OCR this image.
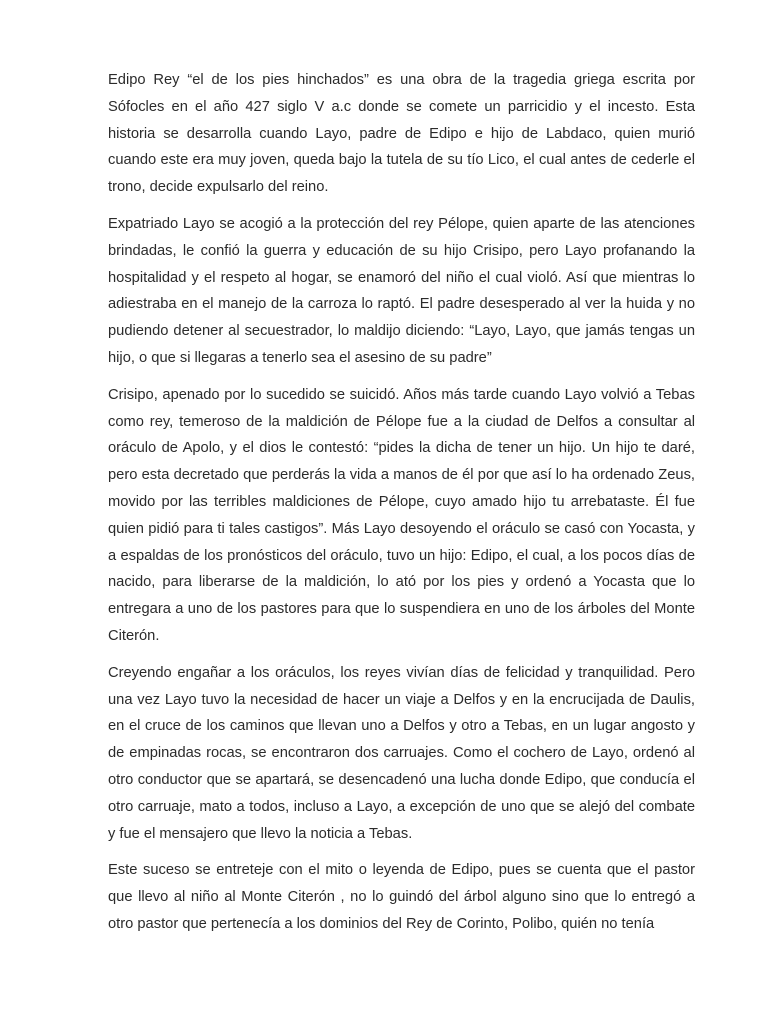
Edipo Rey “el de los pies hinchados” es una obra de la tragedia griega escrita por Sófocles en el año 427 siglo V a.c donde se comete un parricidio y el incesto. Esta historia se desarrolla cuando Layo, padre de Edipo e hijo de Labdaco, quien murió cuando este era muy joven, queda bajo la tutela de su tío Lico, el cual antes de cederle el trono, decide expulsarlo del reino.

Expatriado Layo se acogió a la protección del rey Pélope, quien aparte de las atenciones brindadas, le confió la guerra y educación de su hijo Crisipo, pero Layo profanando la hospitalidad y el respeto al hogar, se enamoró del niño el cual violó. Así que mientras lo adiestraba en el manejo de la carroza lo raptó. El padre desesperado al ver la huida y no pudiendo detener al secuestrador, lo maldijo diciendo: “Layo, Layo, que jamás tengas un hijo, o que si llegaras a tenerlo sea el asesino de su padre”

Crisipo, apenado por lo sucedido se suicidó. Años más tarde cuando Layo volvió a Tebas como rey, temeroso de la maldición de Pélope fue a la ciudad de Delfos a consultar al oráculo de Apolo, y el dios le contestó: “pides la dicha de tener un hijo. Un hijo te daré, pero esta decretado que perderás la vida a manos de él por que así lo ha ordenado Zeus, movido por las terribles maldiciones de Pélope, cuyo amado hijo tu arrebataste. Él fue quien pidió para ti tales castigos”. Más Layo desoyendo el oráculo se casó con Yocasta, y a espaldas de los pronósticos del oráculo, tuvo un hijo: Edipo, el cual, a los pocos días de nacido, para liberarse de la maldición, lo ató por los pies y ordenó a Yocasta que lo entregara a uno de los pastores para que lo suspendiera en uno de los árboles del Monte Citerón.

Creyendo engañar a los oráculos, los reyes vivían días de felicidad y tranquilidad. Pero una vez Layo tuvo la necesidad de hacer un viaje a Delfos y en la encrucijada de Daulis, en el cruce de los caminos que llevan uno a Delfos y otro a Tebas, en un lugar angosto y de empinadas rocas, se encontraron dos carruajes. Como el cochero de Layo, ordenó al otro conductor que se apartará, se desencadenó una lucha donde Edipo, que conducía el otro carruaje, mato a todos, incluso a Layo, a excepción de uno que se alejó del combate y fue el mensajero que llevo la noticia a Tebas.

Este suceso se entreteje con el mito o leyenda de Edipo, pues se cuenta que el pastor que llevo al niño al Monte Citerón , no lo guindó del árbol alguno sino que lo entregó a otro pastor que pertenecía a los dominios del Rey de Corinto, Polibo, quién no tenía
